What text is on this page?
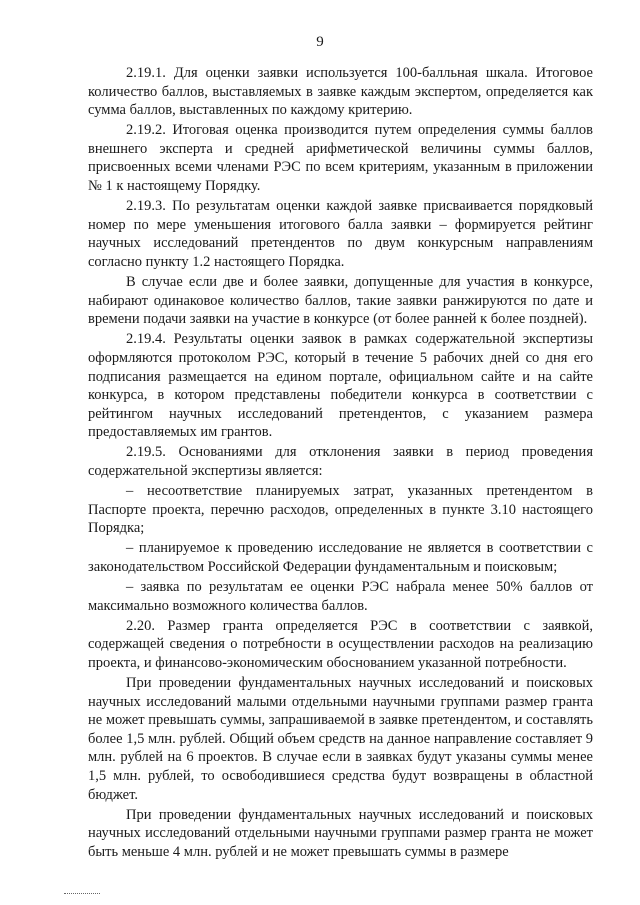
9

2.19.1. Для оценки заявки используется 100-балльная шкала. Итоговое количество баллов, выставляемых в заявке каждым экспертом, определяется как сумма баллов, выставленных по каждому критерию.

2.19.2. Итоговая оценка производится путем определения суммы баллов внешнего эксперта и средней арифметической величины суммы баллов, присвоенных всеми членами РЭС по всем критериям, указанным в приложении № 1 к настоящему Порядку.

2.19.3. По результатам оценки каждой заявке присваивается порядковый номер по мере уменьшения итогового балла заявки – формируется рейтинг научных исследований претендентов по двум конкурсным направлениям согласно пункту 1.2 настоящего Порядка.

В случае если две и более заявки, допущенные для участия в конкурсе, набирают одинаковое количество баллов, такие заявки ранжируются по дате и времени подачи заявки на участие в конкурсе (от более ранней к более поздней).

2.19.4. Результаты оценки заявок в рамках содержательной экспертизы оформляются протоколом РЭС, который в течение 5 рабочих дней со дня его подписания размещается на едином портале, официальном сайте и на сайте конкурса, в котором представлены победители конкурса в соответствии с рейтингом научных исследований претендентов, с указанием размера предоставляемых им грантов.

2.19.5. Основаниями для отклонения заявки в период проведения содержательной экспертизы является:

– несоответствие планируемых затрат, указанных претендентом в Паспорте проекта, перечню расходов, определенных в пункте 3.10 настоящего Порядка;

– планируемое к проведению исследование не является в соответствии с законодательством Российской Федерации фундаментальным и поисковым;

– заявка по результатам ее оценки РЭС набрала менее 50% баллов от максимально возможного количества баллов.

2.20. Размер гранта определяется РЭС в соответствии с заявкой, содержащей сведения о потребности в осуществлении расходов на реализацию проекта, и финансово-экономическим обоснованием указанной потребности.

При проведении фундаментальных научных исследований и поисковых научных исследований малыми отдельными научными группами размер гранта не может превышать суммы, запрашиваемой в заявке претендентом, и составлять более 1,5 млн. рублей. Общий объем средств на данное направление составляет 9 млн. рублей на 6 проектов. В случае если в заявках будут указаны суммы менее 1,5 млн. рублей, то освободившиеся средства будут возвращены в областной бюджет.

При проведении фундаментальных научных исследований и поисковых научных исследований отдельными научными группами размер гранта не может быть меньше 4 млн. рублей и не может превышать суммы в размере
